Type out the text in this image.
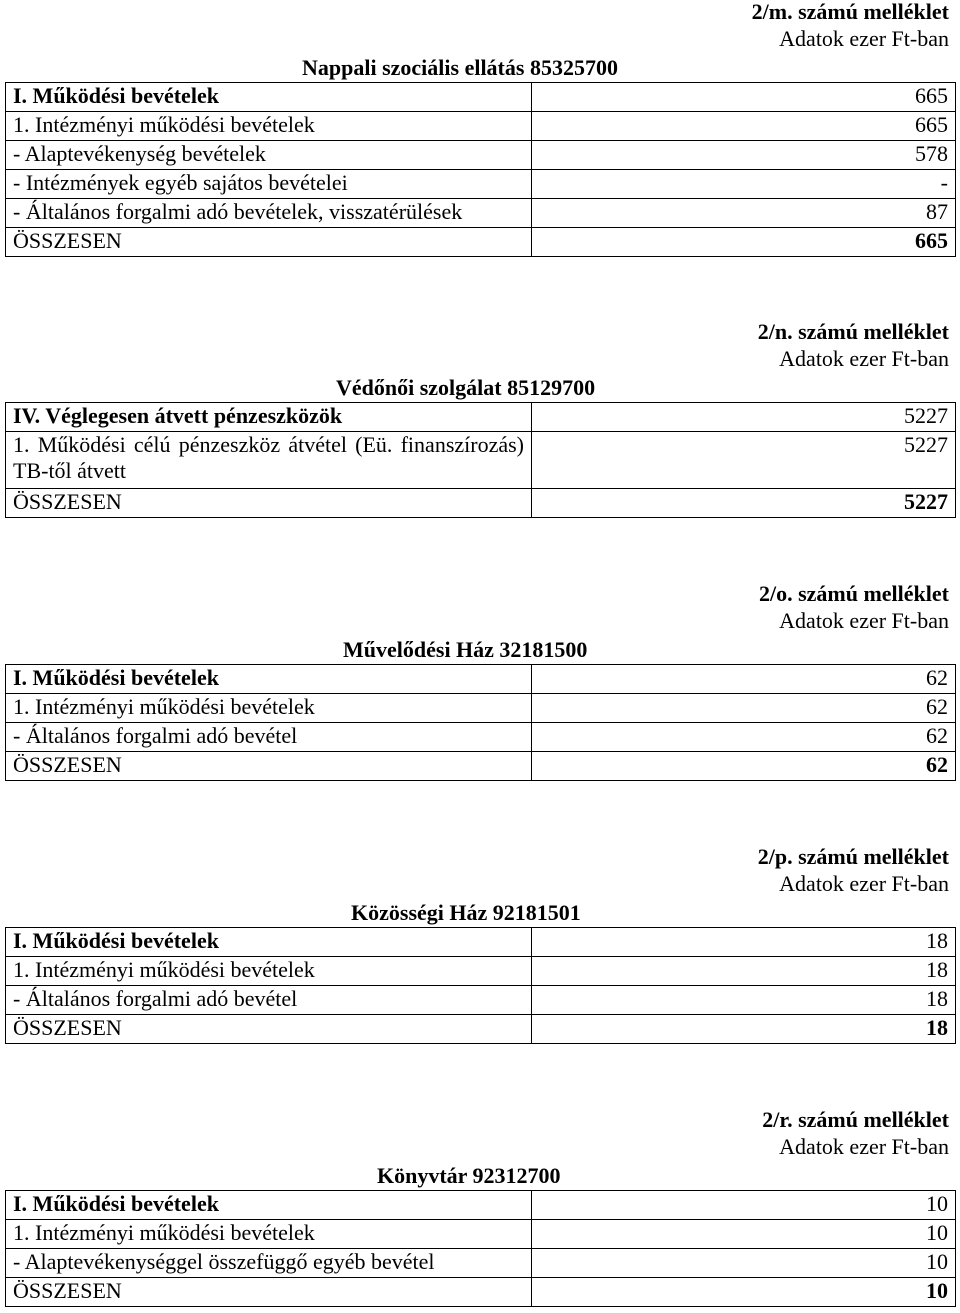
2/m. számú melléklet
Adatok ezer Ft-ban
Nappali szociális ellátás 85325700
I. Működési bevételek	665
1. Intézményi működési bevételek	665
- Alaptevékenység bevételek	578
- Intézmények egyéb sajátos bevételei	-
- Általános forgalmi adó bevételek, visszatérülések	87
ÖSSZESEN	665
2/n. számú melléklet
Adatok ezer Ft-ban
Védőnői szolgálat 85129700
IV. Véglegesen átvett pénzeszközök	5227
1. Működési célú pénzeszköz átvétel (Eü. finanszírozás) TB-től átvett	5227
ÖSSZESEN	5227
2/o. számú melléklet
Adatok ezer Ft-ban
Művelődési Ház 32181500
I. Működési bevételek	62
1. Intézményi működési bevételek	62
- Általános forgalmi adó bevétel	62
ÖSSZESEN	62
2/p. számú melléklet
Adatok ezer Ft-ban
Közösségi Ház 92181501
I. Működési bevételek	18
1. Intézményi működési bevételek	18
- Általános forgalmi adó bevétel	18
ÖSSZESEN	18
2/r. számú melléklet
Adatok ezer Ft-ban
Könyvtár 92312700
I. Működési bevételek	10
1. Intézményi működési bevételek	10
- Alaptevékenységgel összefüggő egyéb bevétel	10
ÖSSZESEN	10
